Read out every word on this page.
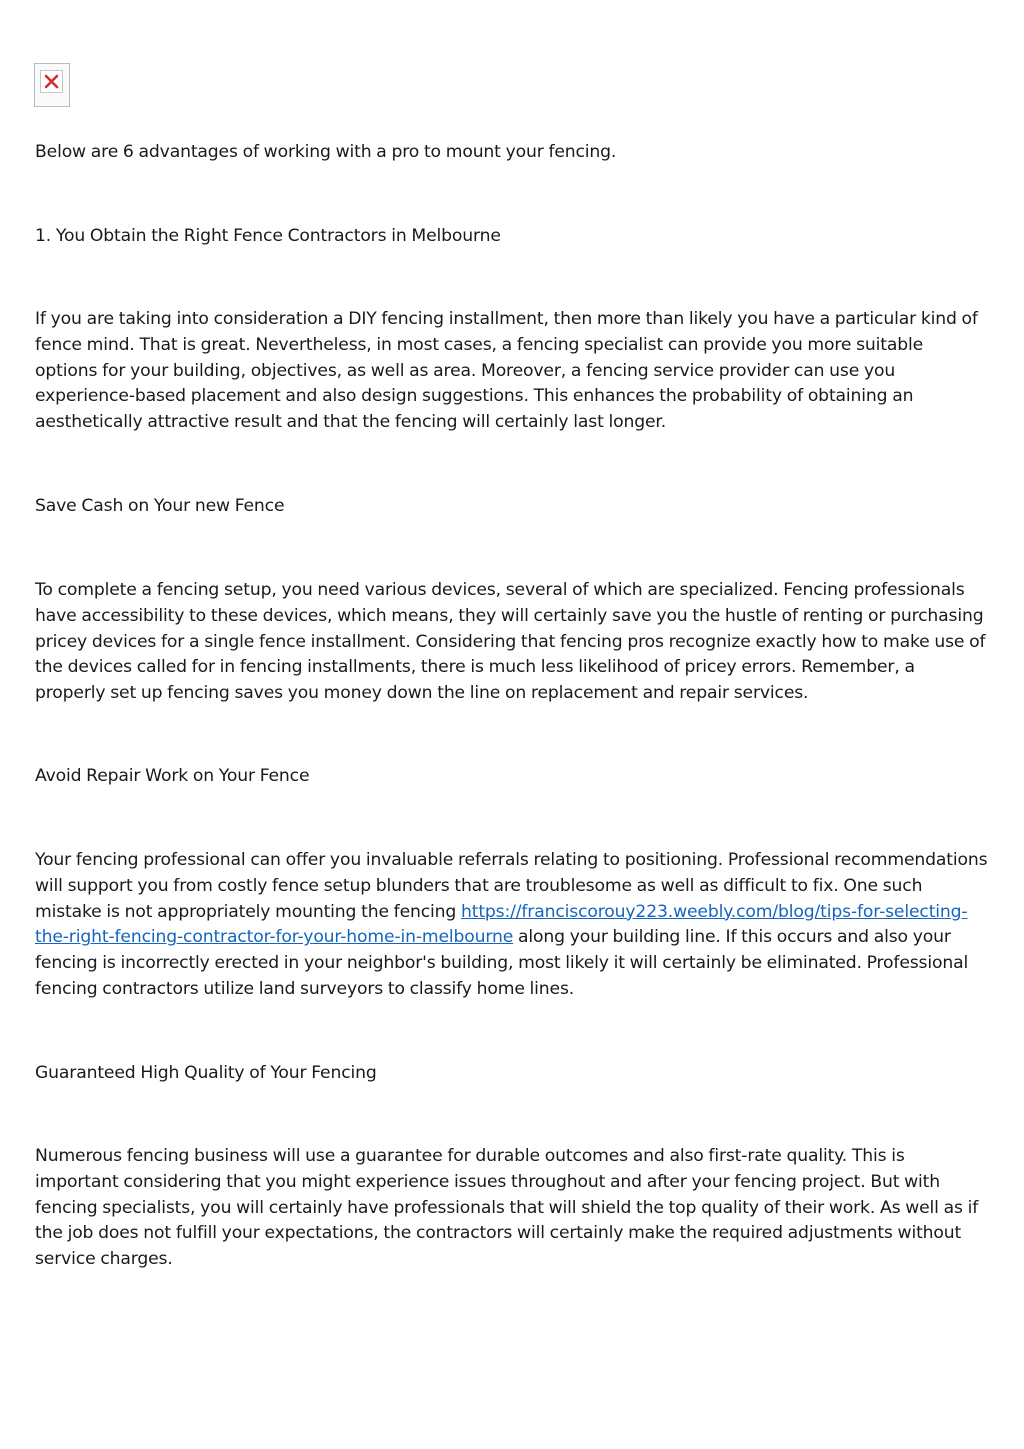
Below are 6 advantages of working with a pro to mount your fencing.

1. You Obtain the Right Fence Contractors in Melbourne

If you are taking into consideration a DIY fencing installment, then more than likely you have a particular kind of fence mind. That is great. Nevertheless, in most cases, a fencing specialist can provide you more suitable options for your building, objectives, as well as area. Moreover, a fencing service provider can use you experience-based placement and also design suggestions. This enhances the probability of obtaining an aesthetically attractive result and that the fencing will certainly last longer.

Save Cash on Your new Fence

To complete a fencing setup, you need various devices, several of which are specialized. Fencing professionals have accessibility to these devices, which means, they will certainly save you the hustle of renting or purchasing pricey devices for a single fence installment. Considering that fencing pros recognize exactly how to make use of the devices called for in fencing installments, there is much less likelihood of pricey errors. Remember, a properly set up fencing saves you money down the line on replacement and repair services.

Avoid Repair Work on Your Fence

Your fencing professional can offer you invaluable referrals relating to positioning. Professional recommendations will support you from costly fence setup blunders that are troublesome as well as difficult to fix. One such mistake is not appropriately mounting the fencing https://franciscorouy223.weebly.com/blog/tips-for-selecting-the-right-fencing-contractor-for-your-home-in-melbourne along your building line. If this occurs and also your fencing is incorrectly erected in your neighbor's building, most likely it will certainly be eliminated. Professional fencing contractors utilize land surveyors to classify home lines.

Guaranteed High Quality of Your Fencing

Numerous fencing business will use a guarantee for durable outcomes and also first-rate quality. This is important considering that you might experience issues throughout and after your fencing project. But with fencing specialists, you will certainly have professionals that will shield the top quality of their work. As well as if the job does not fulfill your expectations, the contractors will certainly make the required adjustments without service charges.
